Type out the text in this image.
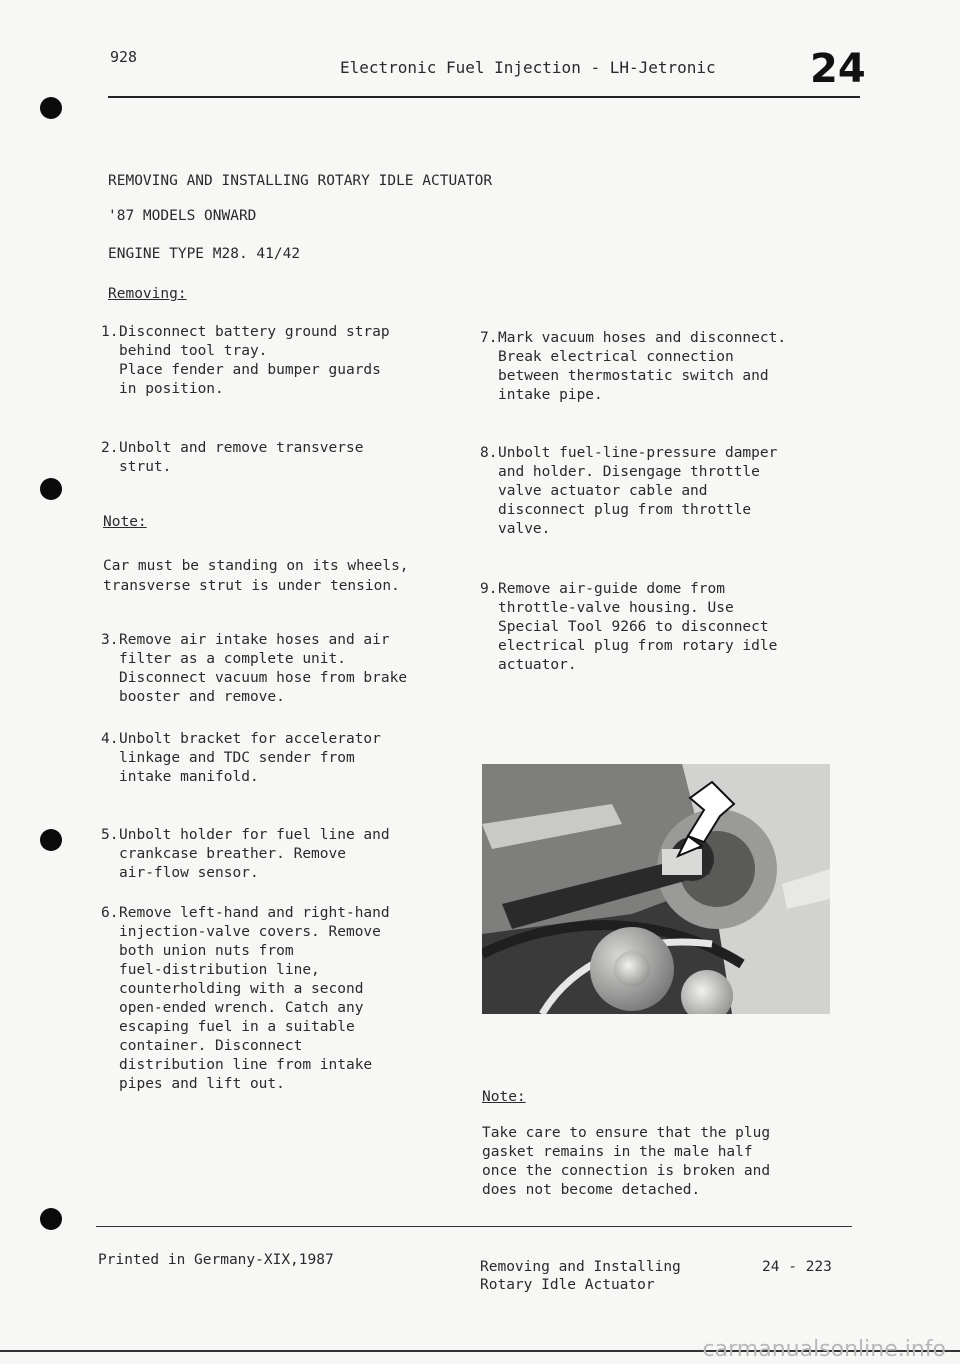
928
Electronic Fuel Injection - LH-Jetronic 24
REMOVING AND INSTALLING ROTARY IDLE ACTUATOR
'87 MODELS ONWARD
ENGINE TYPE M28. 41/42
Removing:
1. Disconnect battery ground strap
behind tool tray.
Place fender and bumper guards
in position.
2. Unbolt and remove transverse
strut.
Note:
Car must be standing on its wheels,
transverse strut is under tension.
3. Remove air intake hoses and air
filter as a complete unit.
Disconnect vacuum hose from brake
booster and remove.
4. Unbolt bracket for accelerator
linkage and TDC sender from
intake manifold.
5. Unbolt holder for fuel line and
crankcase breather. Remove
air-flow sensor.
6. Remove left-hand and right-hand
injection-valve covers. Remove
both union nuts from
fuel-distribution line,
counterholding with a second
open-ended wrench. Catch any
escaping fuel in a suitable
container. Disconnect
distribution line from intake
pipes and lift out.
7. Mark vacuum hoses and disconnect.
Break electrical connection
between thermostatic switch and
intake pipe.
8. Unbolt fuel-line-pressure damper
and holder. Disengage throttle
valve actuator cable and
disconnect plug from throttle
valve.
9. Remove air-guide dome from
throttle-valve housing. Use
Special Tool 9266 to disconnect
electrical plug from rotary idle
actuator.
Note:
Take care to ensure that the plug
gasket remains in the male half
once the connection is broken and
does not become detached.
Printed in Germany-XIX,1987	Removing and Installing
Rotary Idle Actuator
24 - 223
carmanualsonline.info
